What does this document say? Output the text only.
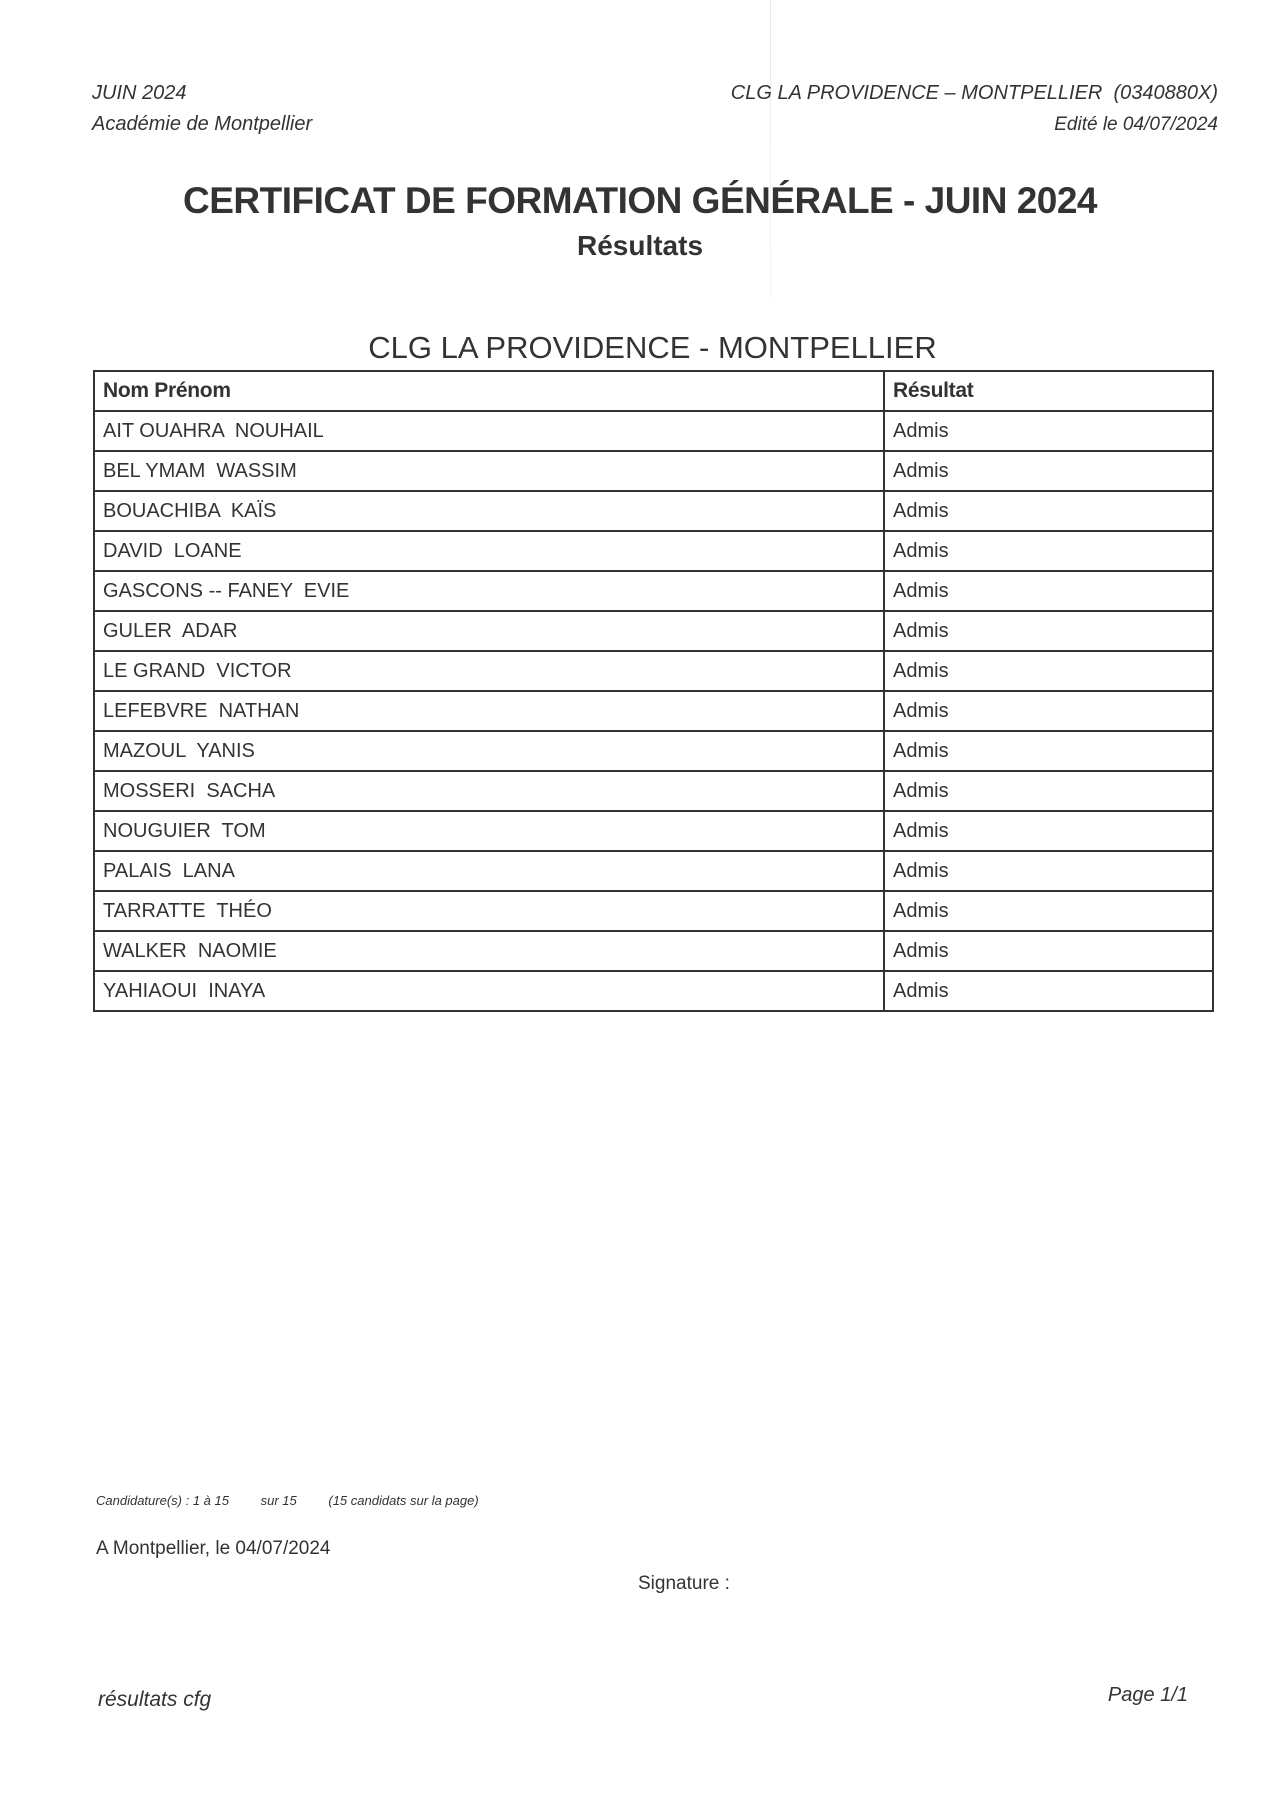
JUIN 2024
Académie de Montpellier
CLG LA PROVIDENCE – MONTPELLIER  (0340880X)
Edité le 04/07/2024
CERTIFICAT DE FORMATION GÉNÉRALE - JUIN 2024
Résultats
CLG LA PROVIDENCE - MONTPELLIER
Nom Prénom	Résultat
AIT OUAHRA  NOUHAIL	Admis
BEL YMAM  WASSIM	Admis
BOUACHIBA  KAÏS	Admis
DAVID  LOANE	Admis
GASCONS -- FANEY  EVIE	Admis
GULER  ADAR	Admis
LE GRAND  VICTOR	Admis
LEFEBVRE  NATHAN	Admis
MAZOUL  YANIS	Admis
MOSSERI  SACHA	Admis
NOUGUIER  TOM	Admis
PALAIS  LANA	Admis
TARRATTE  THÉO	Admis
WALKER  NAOMIE	Admis
YAHIAOUI  INAYA	Admis
Candidature(s) : 1 à 15 sur 15 (15 candidats sur la page)
A Montpellier, le 04/07/2024
Signature :
résultats cfg	Page 1/1
